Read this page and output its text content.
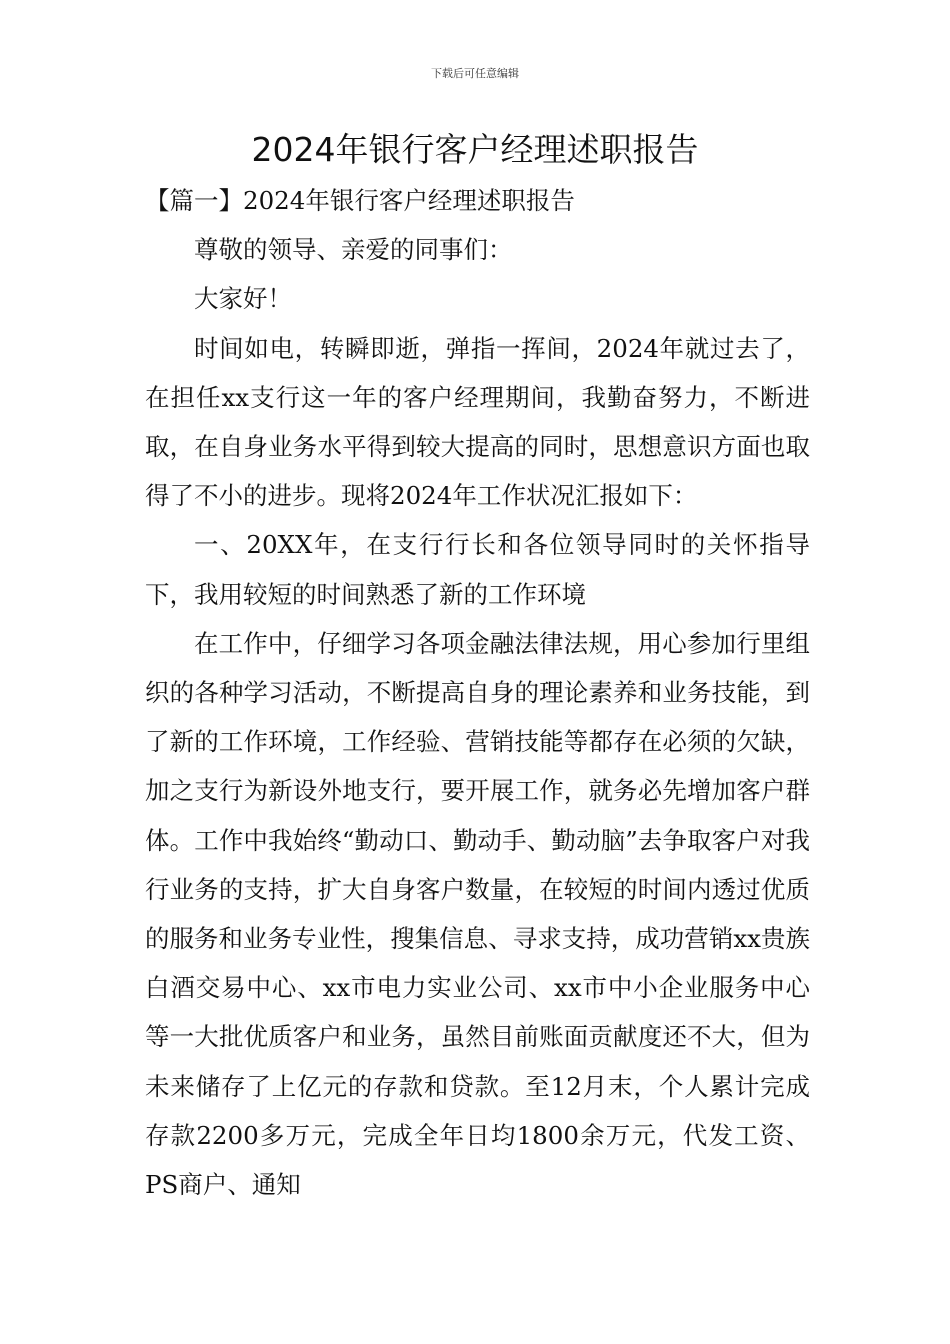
下载后可任意编辑
2024年银行客户经理述职报告

【篇一】2024年银行客户经理述职报告

尊敬的领导、亲爱的同事们：

大家好！

时间如电，转瞬即逝，弹指一挥间，2024年就过去了，在担任xx支行这一年的客户经理期间，我勤奋努力，不断进取，在自身业务水平得到较大提高的同时，思想意识方面也取得了不小的进步。现将2024年工作状况汇报如下：

一、20XX年，在支行行长和各位领导同时的关怀指导下，我用较短的时间熟悉了新的工作环境

在工作中，仔细学习各项金融法律法规，用心参加行里组织的各种学习活动，不断提高自身的理论素养和业务技能，到了新的工作环境，工作经验、营销技能等都存在必须的欠缺，加之支行为新设外地支行，要开展工作，就务必先增加客户群体。工作中我始终“勤动口、勤动手、勤动脑”去争取客户对我行业务的支持，扩大自身客户数量，在较短的时间内透过优质的服务和业务专业性，搜集信息、寻求支持，成功营销xx贵族白酒交易中心、xx市电力实业公司、xx市中小企业服务中心等一大批优质客户和业务，虽然目前账面贡献度还不大，但为未来储存了上亿元的存款和贷款。至12月末，个人累计完成存款2200多万元，完成全年日均1800余万元，代发工资、PS商户、通知
